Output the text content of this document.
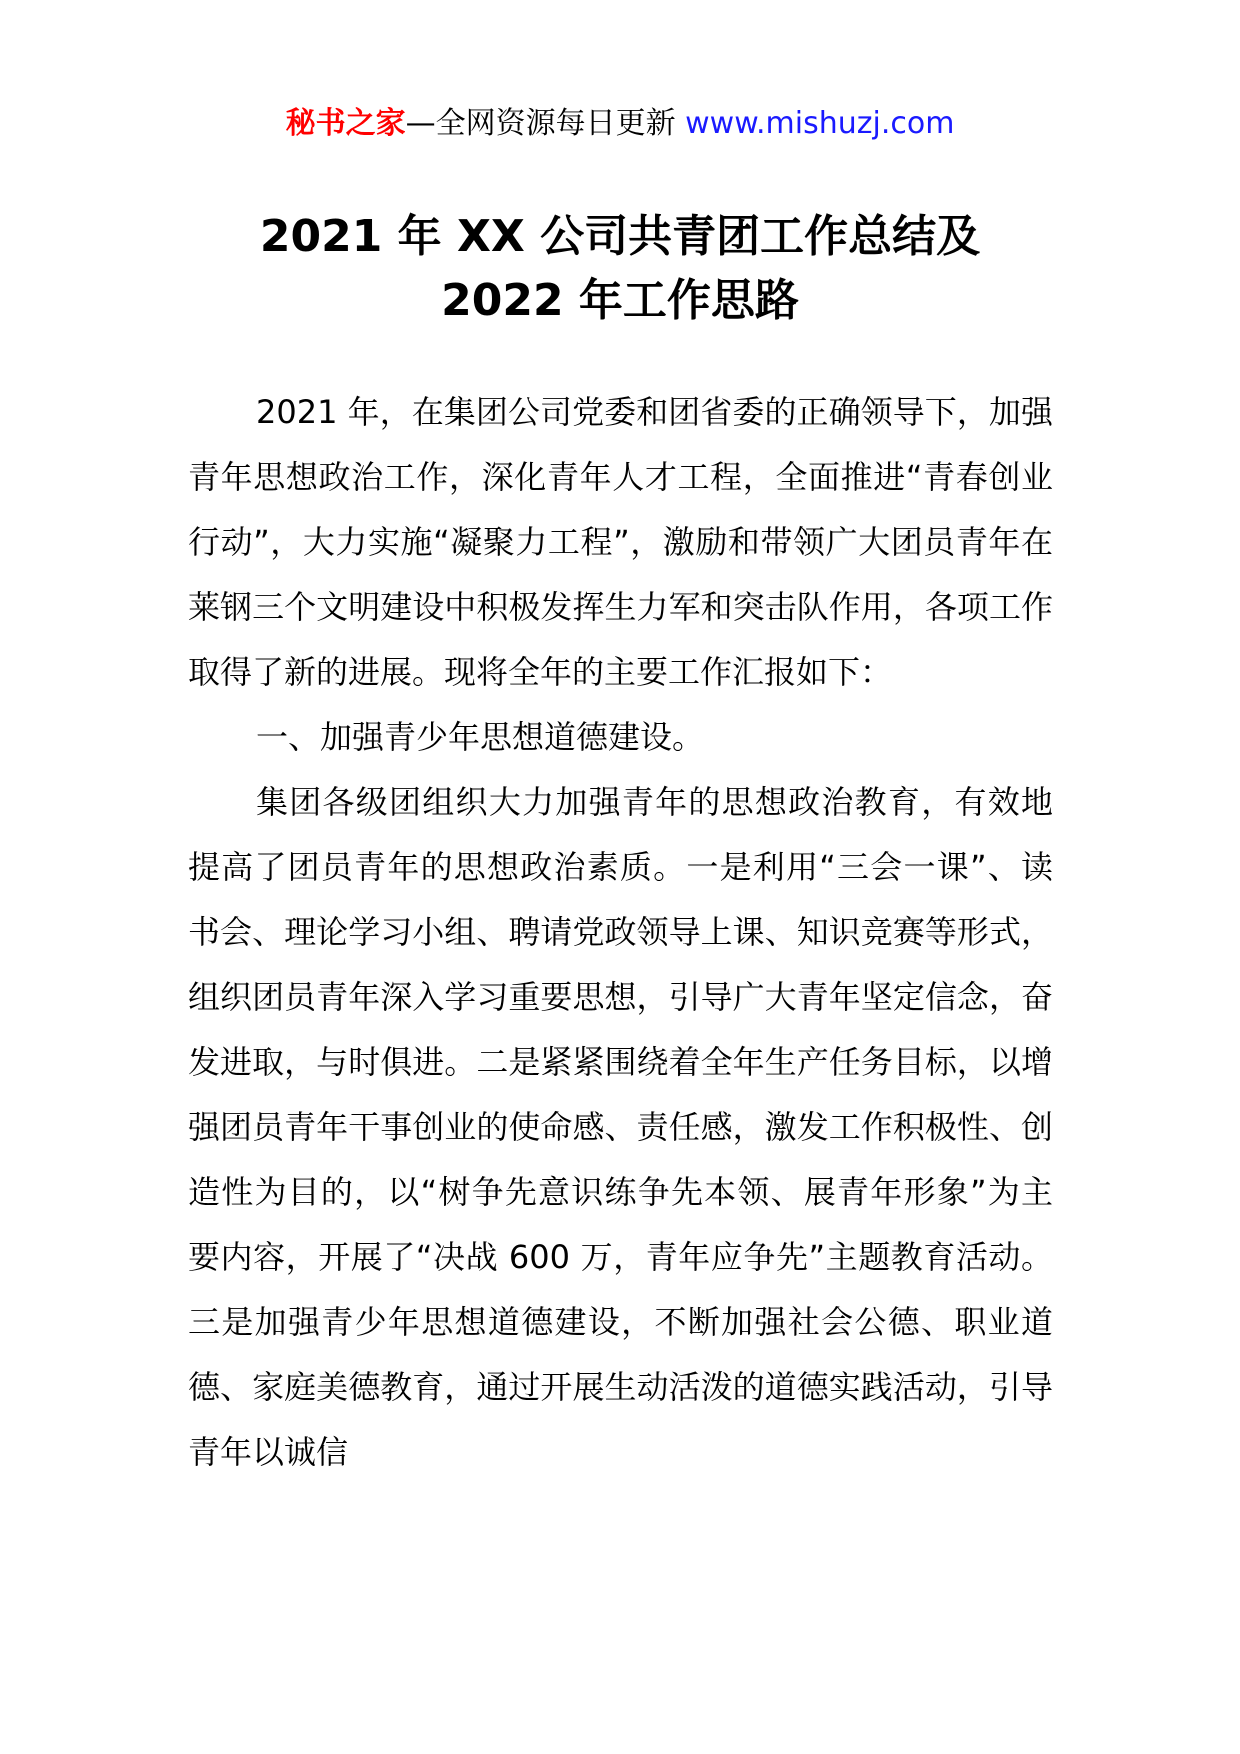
秘书之家—全网资源每日更新 www.mishuzj.com
2021 年 XX 公司共青团工作总结及
2022 年工作思路

2021 年，在集团公司党委和团省委的正确领导下，加强青年思想政治工作，深化青年人才工程，全面推进“青春创业行动”，大力实施“凝聚力工程”，激励和带领广大团员青年在莱钢三个文明建设中积极发挥生力军和突击队作用，各项工作取得了新的进展。现将全年的主要工作汇报如下：

一、加强青少年思想道德建设。

集团各级团组织大力加强青年的思想政治教育，有效地提高了团员青年的思想政治素质。一是利用“三会一课”、读书会、理论学习小组、聘请党政领导上课、知识竞赛等形式，组织团员青年深入学习重要思想，引导广大青年坚定信念，奋发进取，与时俱进。二是紧紧围绕着全年生产任务目标，以增强团员青年干事创业的使命感、责任感，激发工作积极性、创造性为目的，以“树争先意识练争先本领、展青年形象”为主要内容，开展了“决战 600 万，青年应争先”主题教育活动。三是加强青少年思想道德建设，不断加强社会公德、职业道德、家庭美德教育，通过开展生动活泼的道德实践活动，引导青年以诚信
